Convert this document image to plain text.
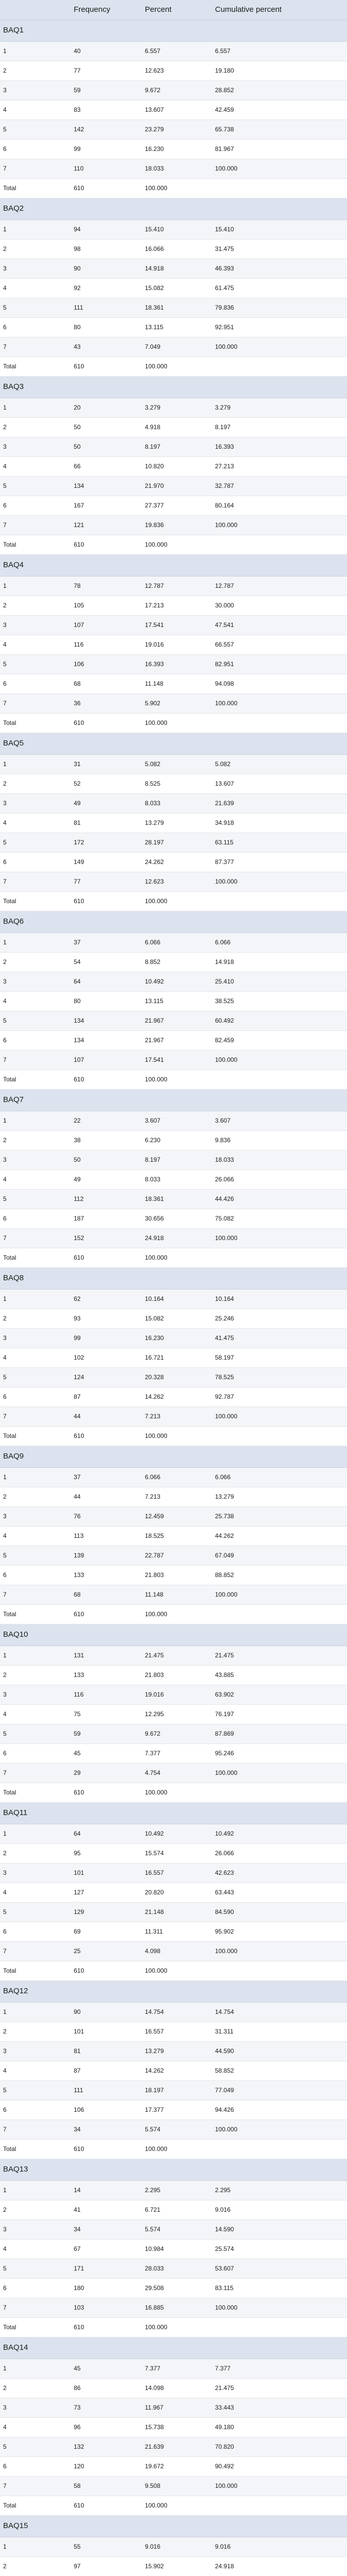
	Frequency	Percent	Cumulative percent
BAQ1			
1	40	6.557	6.557
2	77	12.623	19.180
3	59	9.672	28.852
4	83	13.607	42.459
5	142	23.279	65.738
6	99	16.230	81.967
7	110	18.033	100.000
Total	610	100.000	
BAQ2			
1	94	15.410	15.410
2	98	16.066	31.475
3	90	14.918	46.393
4	92	15.082	61.475
5	111	18.361	79.836
6	80	13.115	92.951
7	43	7.049	100.000
Total	610	100.000	
BAQ3			
1	20	3.279	3.279
2	50	4.918	8.197
3	50	8.197	16.393
4	66	10.820	27.213
5	134	21.970	32.787
6	167	27.377	80.164
7	121	19.836	100.000
Total	610	100.000	
BAQ4			
1	78	12.787	12.787
2	105	17.213	30.000
3	107	17.541	47.541
4	116	19.016	66.557
5	106	16.393	82.951
6	68	11.148	94.098
7	36	5.902	100.000
Total	610	100.000	
BAQ5			
1	31	5.082	5.082
2	52	8.525	13.607
3	49	8.033	21.639
4	81	13.279	34.918
5	172	28.197	63.115
6	149	24.262	87.377
7	77	12.623	100.000
Total	610	100.000	
BAQ6			
1	37	6.066	6.066
2	54	8.852	14.918
3	64	10.492	25.410
4	80	13.115	38.525
5	134	21.967	60.492
6	134	21.967	82.459
7	107	17.541	100.000
Total	610	100.000	
BAQ7			
1	22	3.607	3.607
2	38	6.230	9.836
3	50	8.197	18.033
4	49	8.033	26.066
5	112	18.361	44.426
6	187	30.656	75.082
7	152	24.918	100.000
Total	610	100.000	
BAQ8			
1	62	10.164	10.164
2	93	15.082	25.246
3	99	16.230	41.475
4	102	16.721	58.197
5	124	20.328	78.525
6	87	14.262	92.787
7	44	7.213	100.000
Total	610	100.000	
BAQ9			
1	37	6.066	6.066
2	44	7.213	13.279
3	76	12.459	25.738
4	113	18.525	44.262
5	139	22.787	67.049
6	133	21.803	88.852
7	68	11.148	100.000
Total	610	100.000	
BAQ10			
1	131	21.475	21.475
2	133	21.803	43.885
3	116	19.016	63.902
4	75	12.295	76.197
5	59	9.672	87.869
6	45	7.377	95.246
7	29	4.754	100.000
Total	610	100.000	
BAQ11			
1	64	10.492	10.492
2	95	15.574	26.066
3	101	16.557	42.623
4	127	20.820	63.443
5	129	21.148	84.590
6	69	11.311	95.902
7	25	4.098	100.000
Total	610	100.000	
BAQ12			
1	90	14.754	14.754
2	101	16.557	31.311
3	81	13.279	44.590
4	87	14.262	58.852
5	111	18.197	77.049
6	106	17.377	94.426
7	34	5.574	100.000
Total	610	100.000	
BAQ13			
1	14	2.295	2.295
2	41	6.721	9.016
3	34	5.574	14.590
4	67	10.984	25.574
5	171	28.033	53.607
6	180	29.508	83.115
7	103	16.885	100.000
Total	610	100.000	
BAQ14			
1	45	7.377	7.377
2	86	14.098	21.475
3	73	11.967	33.443
4	96	15.738	49.180
5	132	21.639	70.820
6	120	19.672	90.492
7	58	9.508	100.000
Total	610	100.000	
BAQ15			
1	55	9.016	9.016
2	97	15.902	24.918
